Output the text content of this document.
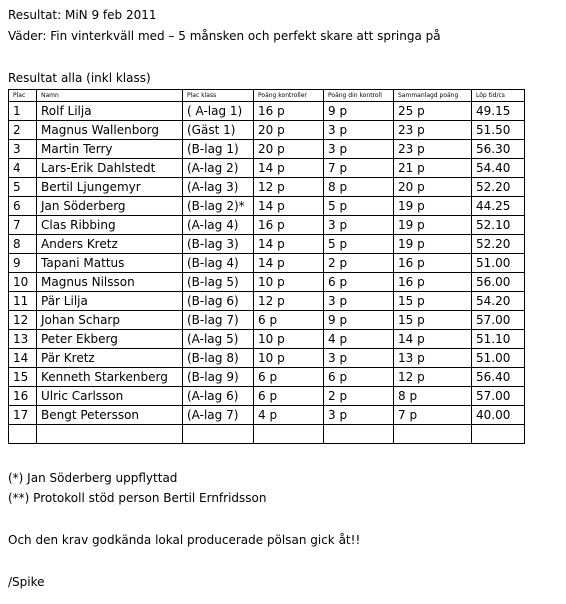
Resultat: MiN 9 feb 2011
Väder: Fin vinterkväll med – 5 månsken och perfekt skare att springa på
Resultat alla (inkl klass)
Plac	Namn	Plac klass	Poäng kontroller	Poäng din kontroll	Sammanlagd poäng	Löp tid/cs
1	Rolf Lilja	( A-lag 1)	16 p	9 p	25 p	49.15
2	Magnus Wallenborg	(Gäst 1)	20 p	3 p	23 p	51.50
3	Martin Terry	(B-lag 1)	20 p	3 p	23 p	56.30
4	Lars-Erik Dahlstedt	(A-lag 2)	14 p	7 p	21 p	54.40
5	Bertil Ljungemyr	(A-lag 3)	12 p	8 p	20 p	52.20
6	Jan Söderberg	(B-lag 2)*	14 p	5 p	19 p	44.25
7	Clas Ribbing	(A-lag 4)	16 p	3 p	19 p	52.10
8	Anders Kretz	(B-lag 3)	14 p	5 p	19 p	52.20
9	Tapani Mattus	(B-lag 4)	14 p	2 p	16 p	51.00
10	Magnus Nilsson	(B-lag 5)	10 p	6 p	16 p	56.00
11	Pär Lilja	(B-lag 6)	12 p	3 p	15 p	54.20
12	Johan Scharp	(B-lag 7)	6 p	9 p	15 p	57.00
13	Peter Ekberg	(A-lag 5)	10 p	4 p	14 p	51.10
14	Pär Kretz	(B-lag 8)	10 p	3 p	13 p	51.00
15	Kenneth Starkenberg	(B-lag 9)	6 p	6 p	12 p	56.40
16	Ulric Carlsson	(A-lag 6)	6 p	2 p	8 p	57.00
17	Bengt Petersson	(A-lag 7)	4 p	3 p	7 p	40.00

(*) Jan Söderberg uppflyttad
(**) Protokoll stöd person Bertil Ernfridsson
Och den krav godkända lokal producerade pölsan gick åt!!
/Spike
